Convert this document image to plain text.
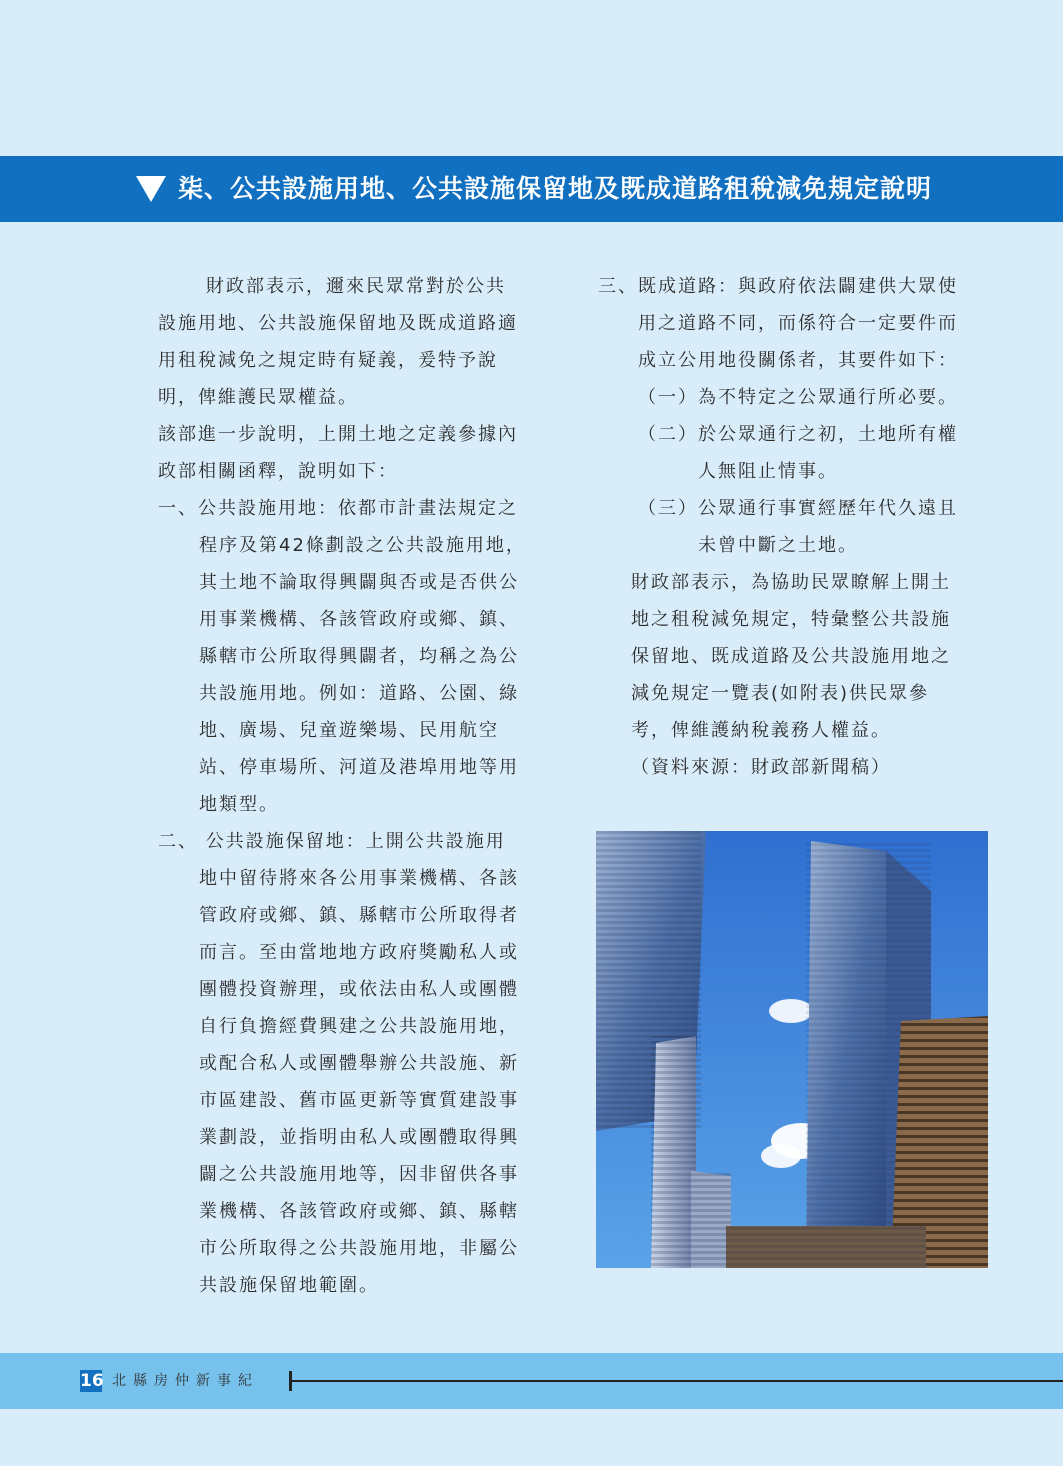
柒、公共設施用地、公共設施保留地及既成道路租稅減免規定說明

財政部表示，邇來民眾常對於公共

設施用地、公共設施保留地及既成道路適

用租稅減免之規定時有疑義，爰特予說

明，俾維護民眾權益。

該部進一步說明，上開土地之定義參據內

政部相關函釋，說明如下：

一、公共設施用地：依都市計畫法規定之

程序及第42條劃設之公共設施用地，

其土地不論取得興闢與否或是否供公

用事業機構、各該管政府或鄉、鎮、

縣轄市公所取得興闢者，均稱之為公

共設施用地。例如：道路、公園、綠

地、廣場、兒童遊樂場、民用航空

站、停車場所、河道及港埠用地等用

地類型。

二、 公共設施保留地：上開公共設施用

地中留待將來各公用事業機構、各該

管政府或鄉、鎮、縣轄市公所取得者

而言。至由當地地方政府獎勵私人或

團體投資辦理，或依法由私人或團體

自行負擔經費興建之公共設施用地，

或配合私人或團體舉辦公共設施、新

市區建設、舊市區更新等實質建設事

業劃設，並指明由私人或團體取得興

闢之公共設施用地等，因非留供各事

業機構、各該管政府或鄉、鎮、縣轄

市公所取得之公共設施用地，非屬公

共設施保留地範圍。

三、既成道路：與政府依法闢建供大眾使

用之道路不同，而係符合一定要件而

成立公用地役關係者，其要件如下：

（一）為不特定之公眾通行所必要。

（二）於公眾通行之初，土地所有權

人無阻止情事。

（三）公眾通行事實經歷年代久遠且

未曾中斷之土地。

財政部表示，為協助民眾瞭解上開土

地之租稅減免規定，特彙整公共設施

保留地、既成道路及公共設施用地之

減免規定一覽表(如附表)供民眾參

考，俾維護納稅義務人權益。

（資料來源：財政部新聞稿）

16 北縣房仲新事紀
